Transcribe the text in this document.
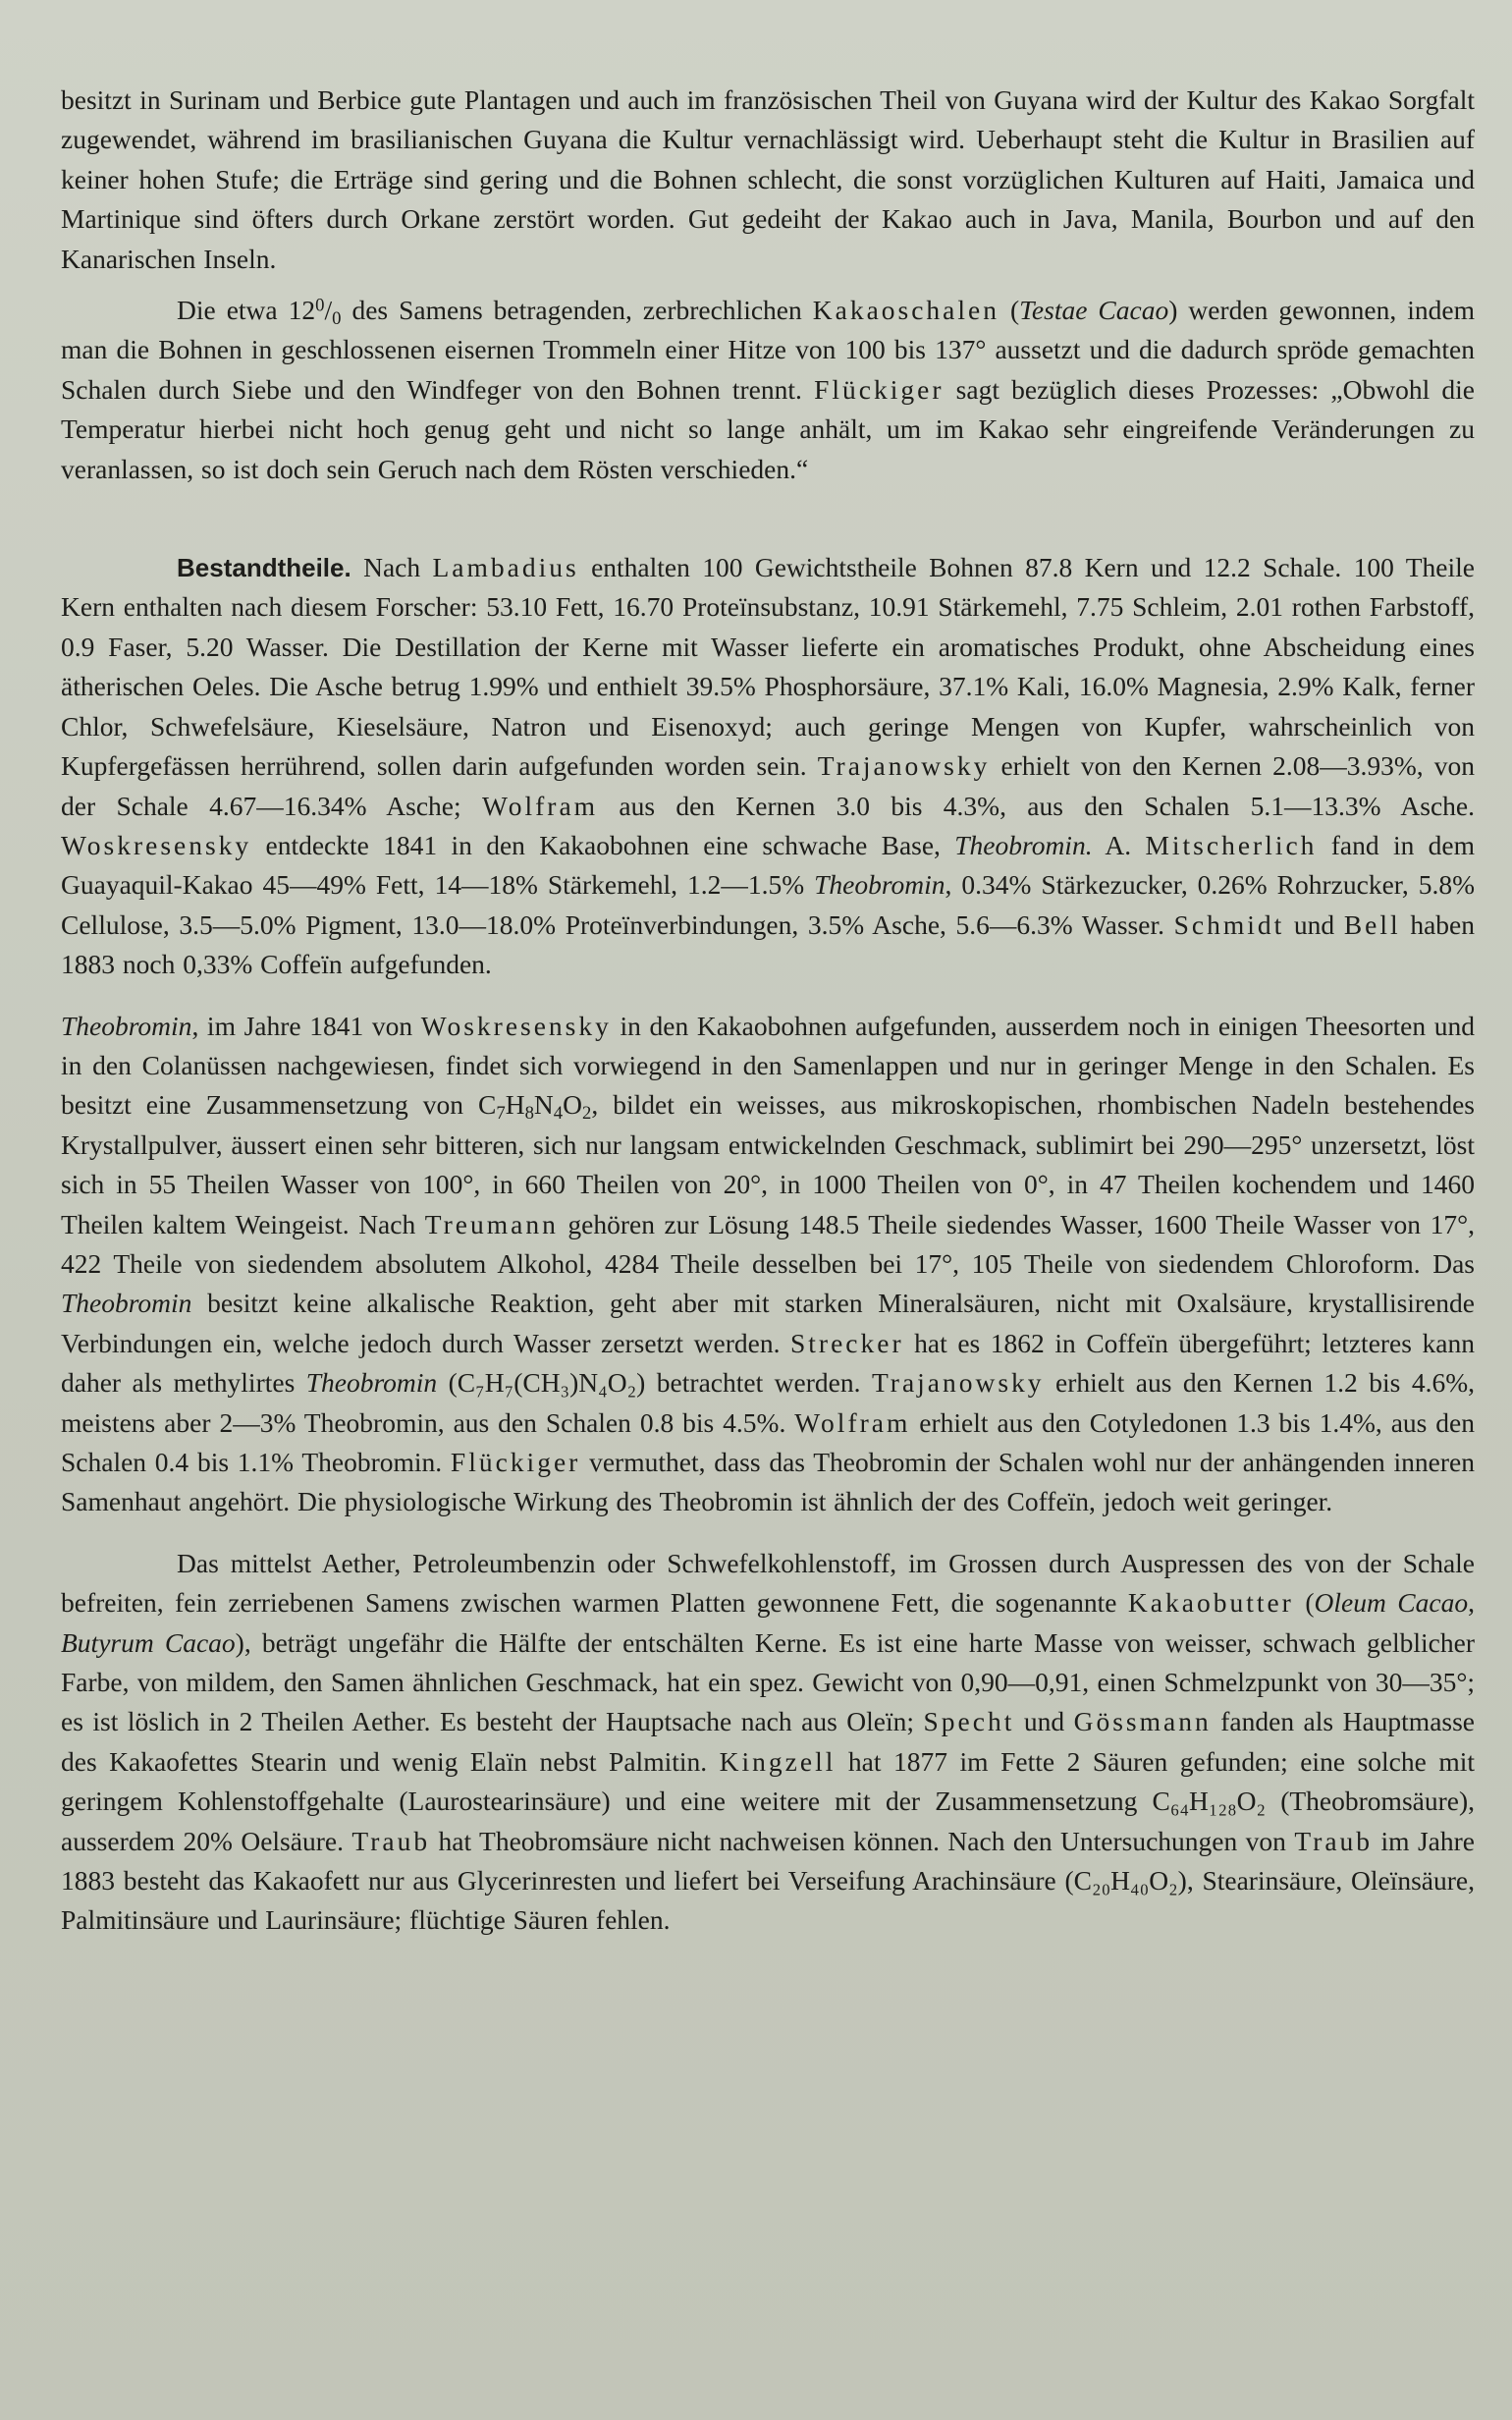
besitzt in Surinam und Berbice gute Plantagen und auch im französischen Theil von Guyana wird der Kultur des Kakao Sorgfalt zugewendet, während im brasilianischen Guyana die Kultur vernachlässigt wird. Ueberhaupt steht die Kultur in Brasilien auf keiner hohen Stufe; die Erträge sind gering und die Bohnen schlecht, die sonst vorzüglichen Kulturen auf Haiti, Jamaica und Martinique sind öfters durch Orkane zerstört worden. Gut gedeiht der Kakao auch in Java, Manila, Bourbon und auf den Kanarischen Inseln.

Die etwa $12^0/_0$ des Samens betragenden, zerbrechlichen Kakaoschalen (Testae Cacao) werden gewonnen, indem man die Bohnen in geschlossenen eisernen Trommeln einer Hitze von 100 bis 137° aussetzt und die dadurch spröde gemachten Schalen durch Siebe und den Windfeger von den Bohnen trennt. Flückiger sagt bezüglich dieses Prozesses: „Obwohl die Temperatur hierbei nicht hoch genug geht und nicht so lange anhält, um im Kakao sehr eingreifende Veränderungen zu veranlassen, so ist doch sein Geruch nach dem Rösten verschieden.“

Bestandtheile. Nach Lambadius enthalten 100 Gewichtstheile Bohnen 87.8 Kern und 12.2 Schale. 100 Theile Kern enthalten nach diesem Forscher: 53.10 Fett, 16.70 Proteïnsubstanz, 10.91 Stärkemehl, 7.75 Schleim, 2.01 rothen Farbstoff, 0.9 Faser, 5.20 Wasser. Die Destillation der Kerne mit Wasser lieferte ein aromatisches Produkt, ohne Abscheidung eines ätherischen Oeles. Die Asche betrug 1.99% und enthielt 39.5% Phosphorsäure, 37.1% Kali, 16.0% Magnesia, 2.9% Kalk, ferner Chlor, Schwefelsäure, Kieselsäure, Natron und Eisenoxyd; auch geringe Mengen von Kupfer, wahrscheinlich von Kupfergefässen herrührend, sollen darin aufgefunden worden sein. Trajanowsky erhielt von den Kernen 2.08—3.93%, von der Schale 4.67—16.34% Asche; Wolfram aus den Kernen 3.0 bis 4.3%, aus den Schalen 5.1—13.3% Asche. Woskresensky entdeckte 1841 in den Kakaobohnen eine schwache Base, Theobromin. A. Mitscherlich fand in dem Guayaquil-Kakao 45—49% Fett, 14—18% Stärkemehl, 1.2—1.5% Theobromin, 0.34% Stärkezucker, 0.26% Rohrzucker, 5.8% Cellulose, 3.5—5.0% Pigment, 13.0—18.0% Proteïnverbindungen, 3.5% Asche, 5.6—6.3% Wasser. Schmidt und Bell haben 1883 noch 0,33% Coffeïn aufgefunden.

Theobromin, im Jahre 1841 von Woskresensky in den Kakaobohnen aufgefunden, ausserdem noch in einigen Theesorten und in den Colanüssen nachgewiesen, findet sich vorwiegend in den Samenlappen und nur in geringer Menge in den Schalen. Es besitzt eine Zusammensetzung von $C_7H_8N_4O_2$, bildet ein weisses, aus mikroskopischen, rhombischen Nadeln bestehendes Krystallpulver, äussert einen sehr bitteren, sich nur langsam entwickelnden Geschmack, sublimirt bei 290—295° unzersetzt, löst sich in 55 Theilen Wasser von 100°, in 660 Theilen von 20°, in 1000 Theilen von 0°, in 47 Theilen kochendem und 1460 Theilen kaltem Weingeist. Nach Treumann gehören zur Lösung 148.5 Theile siedendes Wasser, 1600 Theile Wasser von 17°, 422 Theile von siedendem absolutem Alkohol, 4284 Theile desselben bei 17°, 105 Theile von siedendem Chloroform. Das Theobromin besitzt keine alkalische Reaktion, geht aber mit starken Mineralsäuren, nicht mit Oxalsäure, krystallisirende Verbindungen ein, welche jedoch durch Wasser zersetzt werden. Strecker hat es 1862 in Coffeïn übergeführt; letzteres kann daher als methylirtes Theobromin (C₇H₇(CH₃)N₄O₂) betrachtet werden. Trajanowsky erhielt aus den Kernen 1.2 bis 4.6%, meistens aber 2—3% Theobromin, aus den Schalen 0.8 bis 4.5%. Wolfram erhielt aus den Cotyledonen 1.3 bis 1.4%, aus den Schalen 0.4 bis 1.1% Theobromin. Flückiger vermuthet, dass das Theobromin der Schalen wohl nur der anhängenden inneren Samenhaut angehört. Die physiologische Wirkung des Theobromin ist ähnlich der des Coffeïn, jedoch weit geringer.

Das mittelst Aether, Petroleumbenzin oder Schwefelkohlenstoff, im Grossen durch Auspressen des von der Schale befreiten, fein zerriebenen Samens zwischen warmen Platten gewonnene Fett, die sogenannte Kakaobutter (Oleum Cacao, Butyrum Cacao), beträgt ungefähr die Hälfte der entschälten Kerne. Es ist eine harte Masse von weisser, schwach gelblicher Farbe, von mildem, den Samen ähnlichen Geschmack, hat ein spez. Gewicht von 0,90—0,91, einen Schmelzpunkt von 30—35°; es ist löslich in 2 Theilen Aether. Es besteht der Hauptsache nach aus Oleïn; Specht und Gössmann fanden als Hauptmasse des Kakaofettes Stearin und wenig Elaïn nebst Palmitin. Kingzell hat 1877 im Fette 2 Säuren gefunden; eine solche mit geringem Kohlenstoffgehalte (Laurostearinsäure) und eine weitere mit der Zusammensetzung C₆₄H₁₂₈O₂ (Theobromsäure), ausserdem 20% Oelsäure. Traub hat Theobromsäure nicht nachweisen können. Nach den Untersuchungen von Traub im Jahre 1883 besteht das Kakaofett nur aus Glycerinresten und liefert bei Verseifung Arachinsäure (C₂₀H₄₀O₂), Stearinsäure, Oleïnsäure, Palmitinsäure und Laurinsäure; flüchtige Säuren fehlen.
